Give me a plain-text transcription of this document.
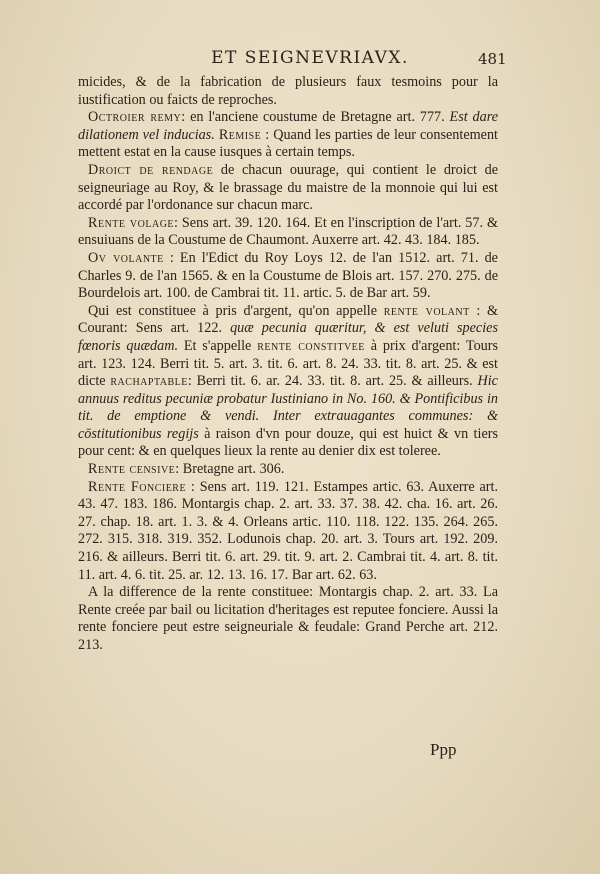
ET SEIGNEVRIAVX.	481

micides, & de la fabrication de plusieurs faux tesmoins pour la iustification ou faicts de reproches.

Octroier remy: en l'anciene coustume de Bretagne art. 777. Est dare dilationem vel inducias. Remise : Quand les parties de leur consentement mettent estat en la cause iusques à certain temps.

Droict de rendage de chacun ouurage, qui contient le droict de seigneuriage au Roy, & le brassage du maistre de la monnoie qui lui est accordé par l'ordonance sur chacun marc.

Rente volage: Sens art. 39. 120. 164. Et en l'inscription de l'art. 57. & ensuiuans de la Coustume de Chaumont. Auxerre art. 42. 43. 184. 185.

Ov volante : En l'Edict du Roy Loys 12. de l'an 1512. art. 71. de Charles 9. de l'an 1565. & en la Coustume de Blois art. 157. 270. 275. de Bourdelois art. 100. de Cambrai tit. 11. artic. 5. de Bar art. 59.

Qui est constituee à pris d'argent, qu'on appelle rente volant : & Courant: Sens art. 122. quæ pecunia quæritur, & est veluti species fœnoris quædam. Et s'appelle rente constitvee à prix d'argent: Tours art. 123. 124. Berri tit. 5. art. 3. tit. 6. art. 8. 24. 33. tit. 8. art. 25. & est dicte rachaptable: Berri tit. 6. ar. 24. 33. tit. 8. art. 25. & ailleurs. Hic annuus reditus pecuniæ probatur Iustiniano in No. 160. & Pontificibus in tit. de emptione & vendi. Inter extrauagantes communes: & cōstitutionibus regijs à raison d'vn pour douze, qui est huict & vn tiers pour cent: & en quelques lieux la rente au denier dix est toleree.

Rente censive: Bretagne art. 306.

Rente Fonciere : Sens art. 119. 121. Estampes artic. 63. Auxerre art. 43. 47. 183. 186. Montargis chap. 2. art. 33. 37. 38. 42. cha. 16. art. 26. 27. chap. 18. art. 1. 3. & 4. Orleans artic. 110. 118. 122. 135. 264. 265. 272. 315. 318. 319. 352. Lodunois chap. 20. art. 3. Tours art. 192. 209. 216. & ailleurs. Berri tit. 6. art. 29. tit. 9. art. 2. Cambrai tit. 4. art. 8. tit. 11. art. 4. 6. tit. 25. ar. 12. 13. 16. 17. Bar art. 62. 63.

A la difference de la rente constituee: Montargis chap. 2. art. 33. La Rente creée par bail ou licitation d'heritages est reputee fonciere. Aussi la rente fonciere peut estre seigneuriale & feudale: Grand Perche art. 212. 213.

Ppp
